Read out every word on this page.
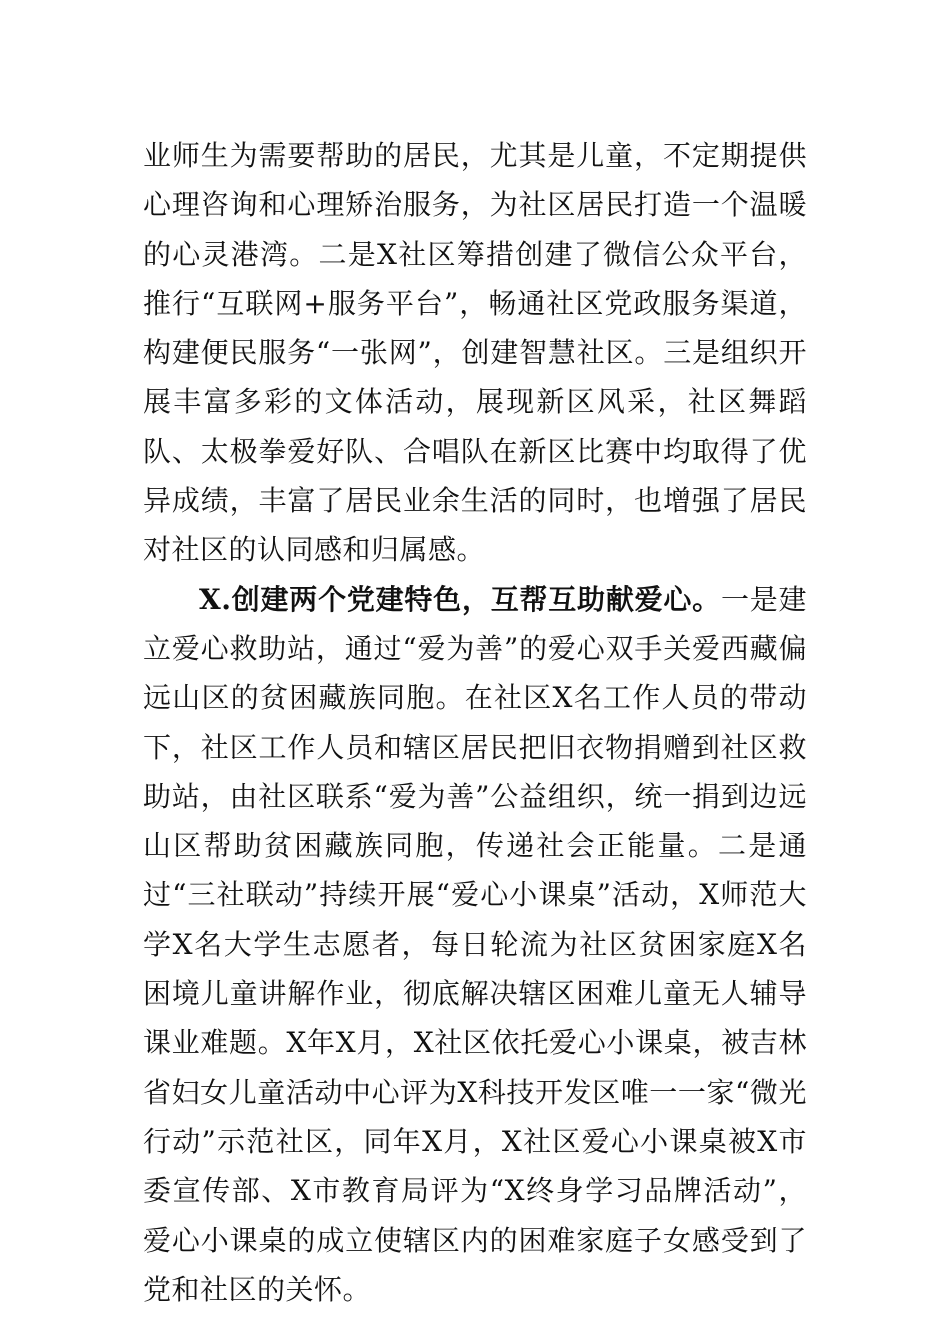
业师生为需要帮助的居民，尤其是儿童，不定期提供心理咨询和心理矫治服务，为社区居民打造一个温暖的心灵港湾。二是X社区筹措创建了微信公众平台，推行“互联网+服务平台”，畅通社区党政服务渠道，构建便民服务“一张网”，创建智慧社区。三是组织开展丰富多彩的文体活动，展现新区风采，社区舞蹈队、太极拳爱好队、合唱队在新区比赛中均取得了优异成绩，丰富了居民业余生活的同时，也增强了居民对社区的认同感和归属感。

X.创建两个党建特色，互帮互助献爱心。一是建立爱心救助站，通过“爱为善”的爱心双手关爱西藏偏远山区的贫困藏族同胞。在社区X名工作人员的带动下，社区工作人员和辖区居民把旧衣物捐赠到社区救助站，由社区联系“爱为善”公益组织，统一捐到边远山区帮助贫困藏族同胞，传递社会正能量。二是通过“三社联动”持续开展“爱心小课桌”活动，X师范大学X名大学生志愿者，每日轮流为社区贫困家庭X名困境儿童讲解作业，彻底解决辖区困难儿童无人辅导课业难题。X年X月，X社区依托爱心小课桌，被吉林省妇女儿童活动中心评为X科技开发区唯一一家“微光行动”示范社区，同年X月，X社区爱心小课桌被X市委宣传部、X市教育局评为“X终身学习品牌活动”，爱心小课桌的成立使辖区内的困难家庭子女感受到了党和社区的关怀。
